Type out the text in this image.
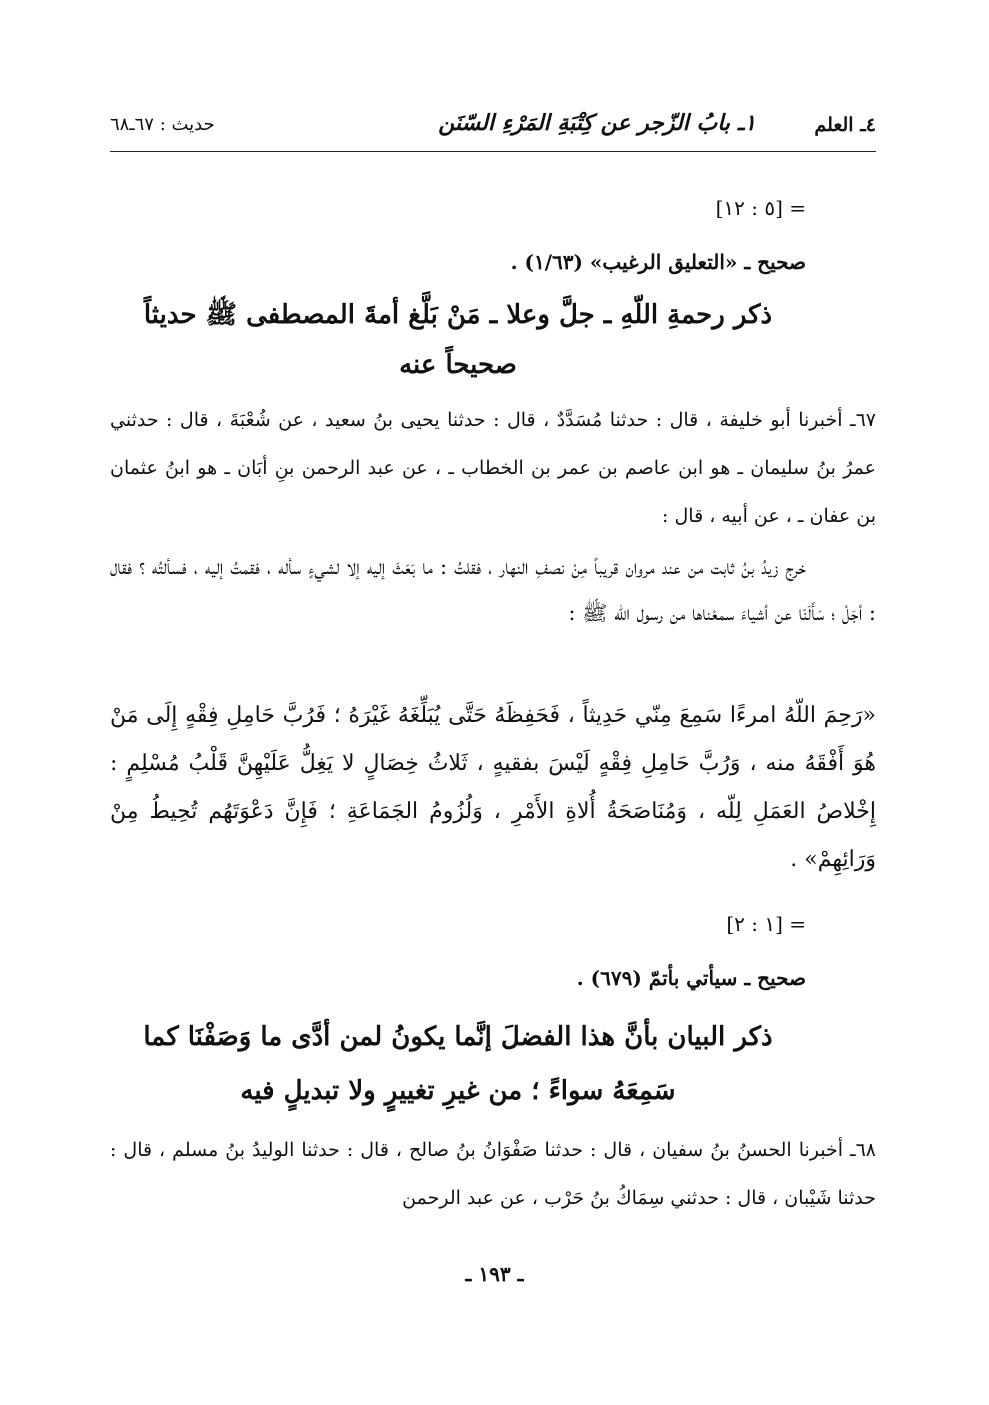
٤ـ العلم
١ـ بابُ الزّجر عن كِتْبَةِ المَرْءِ السّنَن
حديث : ٦٧ـ٦٨
= [٥ : ١٢]
صحيح ـ «التعليق الرغيب» (١/٦٣) .
ذكر رحمةِ اللّهِ ـ جلَّ وعلا ـ مَنْ بَلَّغ أمةَ المصطفى ﷺ حديثاً
صحيحاً عنه
٦٧ـ أخبرنا أبو خليفة ، قال : حدثنا مُسَدَّدٌ ، قال : حدثنا يحيى بنُ سعيد ، عن شُعْبَةَ ، قال : حدثني عمرُ بنُ سليمان ـ هو ابن عاصم بن عمر بن الخطاب ـ ، عن عبد الرحمن بنِ أبَان ـ هو ابنُ عثمان بن عفان ـ ، عن أبيه ، قال :
خرج زيدُ بنُ ثابت من عند مروان قريباً مِنْ نصفِ النهار ، فقلتُ : ما بَعَثَ إليه إلا لشيءٍ سأله ، فقمتُ إليه ، فسألتُه ؟ فقال : أجَلْ ؛ سَأَلَنَا عن أشياءَ سمعْناها من رسول اللّه ﷺ :
«رَحِمَ اللّهُ امرءًا سَمِعَ مِنّي حَدِيثاً ، فَحَفِظَهُ حَتَّى يُبَلِّغَهُ غَيْرَهُ ؛ فَرُبَّ حَامِلِ فِقْهٍ إِلَى مَنْ هُوَ أَفْقَهُ منه ، وَرُبَّ حَامِلِ فِقْهٍ لَيْسَ بفقيهٍ ، ثَلاثُ خِصَالٍ لا يَغِلُّ عَلَيْهِنَّ قَلْبُ مُسْلِمٍ : إِخْلاصُ العَمَلِ لِلّه ، وَمُنَاصَحَةُ أُلاةِ الأَمْرِ ، وَلُزُومُ الجَمَاعَةِ ؛ فَإِنَّ دَعْوَتَهُم تُحِيطُ مِنْ وَرَائِهِمْ» .
= [١ : ٢]
صحيح ـ سيأتي بأتمّ (٦٧٩) .
ذكر البيان بأنَّ هذا الفضلَ إنَّما يكونُ لمن أدَّى ما وَصَفْنَا كما
سَمِعَهُ سواءً ؛ من غيرِ تغييرٍ ولا تبديلٍ فيه
٦٨ـ أخبرنا الحسنُ بنُ سفيان ، قال : حدثنا صَفْوَانُ بنُ صالح ، قال : حدثنا الوليدُ بنُ مسلم ، قال : حدثنا شَيْبان ، قال : حدثني سِمَاكُ بنُ حَرْب ، عن عبد الرحمن
ـ ١٩٣ ـ
